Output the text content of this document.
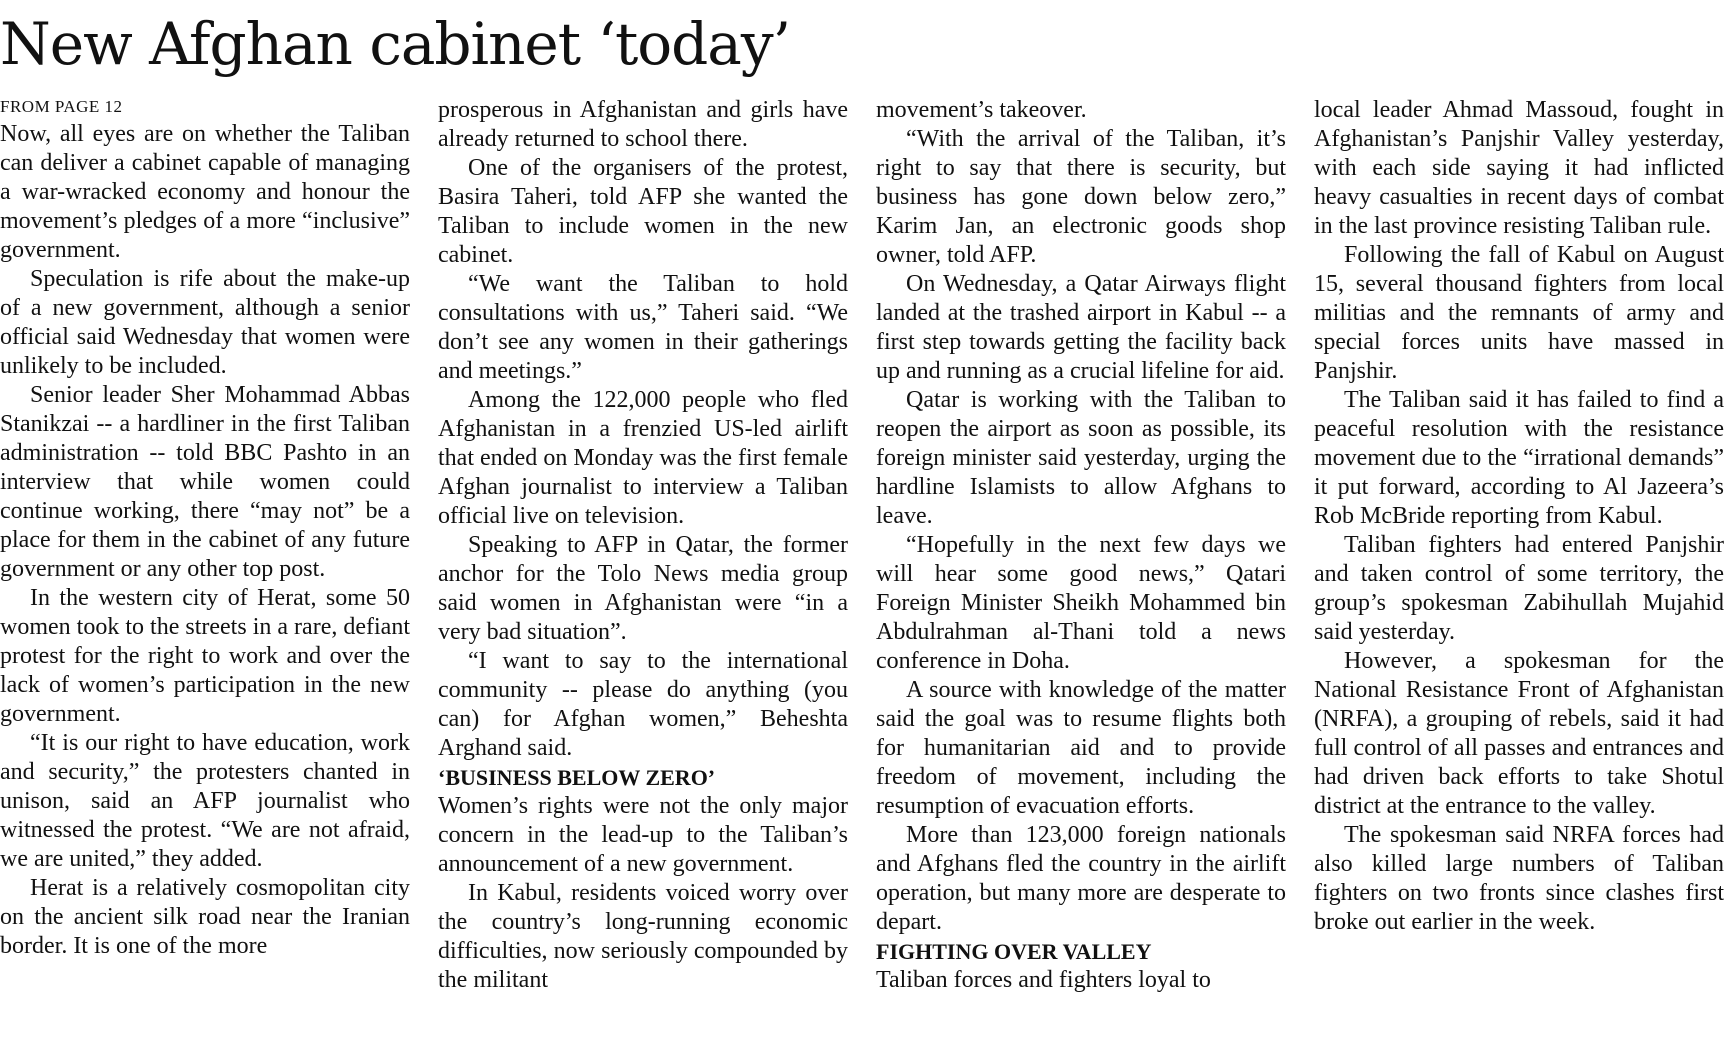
New Afghan cabinet ‘today’
FROM PAGE 12

Now, all eyes are on whether the Taliban can deliver a cabinet capable of managing a war-wracked economy and honour the movement’s pledges of a more “inclusive” government.

Speculation is rife about the make-up of a new government, although a senior official said Wednesday that women were unlikely to be included.

Senior leader Sher Mohammad Abbas Stanikzai -- a hardliner in the first Taliban administration -- told BBC Pashto in an interview that while women could continue working, there “may not” be a place for them in the cabinet of any future government or any other top post.

In the western city of Herat, some 50 women took to the streets in a rare, defiant protest for the right to work and over the lack of women’s participation in the new government.

“It is our right to have education, work and security,” the protesters chanted in unison, said an AFP journalist who witnessed the protest. “We are not afraid, we are united,” they added.

Herat is a relatively cosmopolitan city on the ancient silk road near the Iranian border. It is one of the more

prosperous in Afghanistan and girls have already returned to school there.

One of the organisers of the protest, Basira Taheri, told AFP she wanted the Taliban to include women in the new cabinet.

“We want the Taliban to hold consultations with us,” Taheri said. “We don’t see any women in their gatherings and meetings.”

Among the 122,000 people who fled Afghanistan in a frenzied US-led airlift that ended on Monday was the first female Afghan journalist to interview a Taliban official live on television.

Speaking to AFP in Qatar, the former anchor for the Tolo News media group said women in Afghanistan were “in a very bad situation”.

“I want to say to the international community -- please do anything (you can) for Afghan women,” Beheshta Arghand said.

‘BUSINESS BELOW ZERO’

Women’s rights were not the only major concern in the lead-up to the Taliban’s announcement of a new government.

In Kabul, residents voiced worry over the country’s long-running economic difficulties, now seriously compounded by the militant

movement’s takeover.

“With the arrival of the Taliban, it’s right to say that there is security, but business has gone down below zero,” Karim Jan, an electronic goods shop owner, told AFP.

On Wednesday, a Qatar Airways flight landed at the trashed airport in Kabul -- a first step towards getting the facility back up and running as a crucial lifeline for aid.

Qatar is working with the Taliban to reopen the airport as soon as possible, its foreign minister said yesterday, urging the hardline Islamists to allow Afghans to leave.

“Hopefully in the next few days we will hear some good news,” Qatari Foreign Minister Sheikh Mohammed bin Abdulrahman al-Thani told a news conference in Doha.

A source with knowledge of the matter said the goal was to resume flights both for humanitarian aid and to provide freedom of movement, including the resumption of evacuation efforts.

More than 123,000 foreign nationals and Afghans fled the country in the airlift operation, but many more are desperate to depart.

FIGHTING OVER VALLEY

Taliban forces and fighters loyal to

local leader Ahmad Massoud, fought in Afghanistan’s Panjshir Valley yesterday, with each side saying it had inflicted heavy casualties in recent days of combat in the last province resisting Taliban rule.

Following the fall of Kabul on August 15, several thousand fighters from local militias and the remnants of army and special forces units have massed in Panjshir.

The Taliban said it has failed to find a peaceful resolution with the resistance movement due to the “irrational demands” it put forward, according to Al Jazeera’s Rob McBride reporting from Kabul.

Taliban fighters had entered Panjshir and taken control of some territory, the group’s spokesman Zabihullah Mujahid said yesterday.

However, a spokesman for the National Resistance Front of Afghanistan (NRFA), a grouping of rebels, said it had full control of all passes and entrances and had driven back efforts to take Shotul district at the entrance to the valley.

The spokesman said NRFA forces had also killed large numbers of Taliban fighters on two fronts since clashes first broke out earlier in the week.
